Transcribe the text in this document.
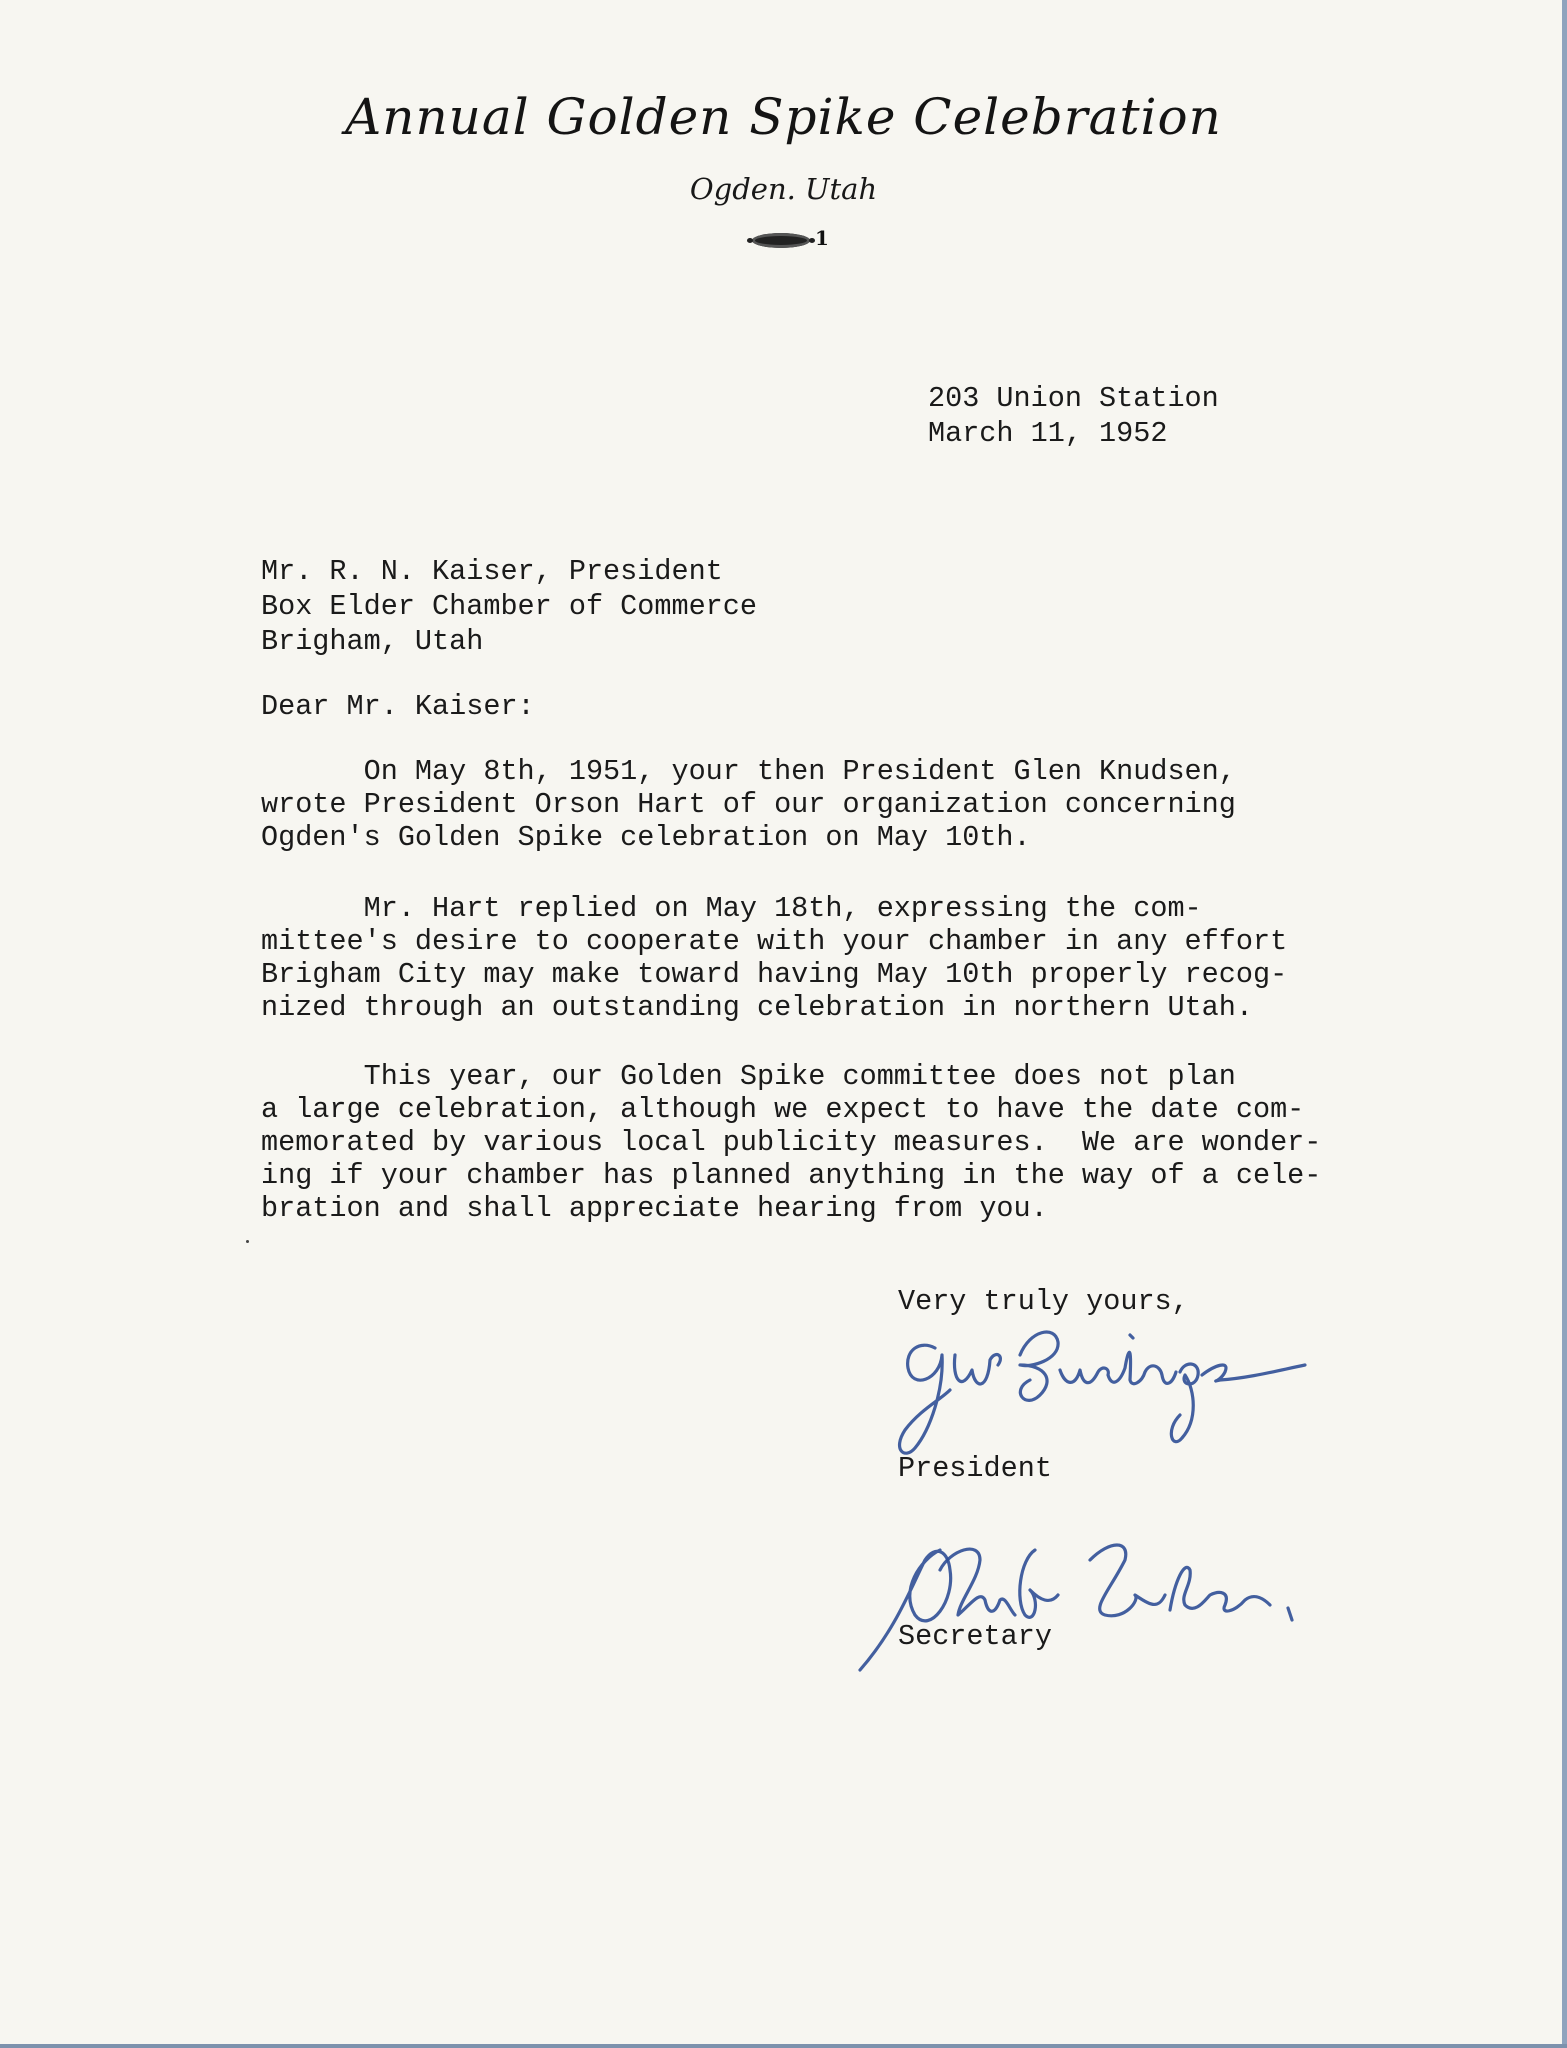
Annual Golden Spike Celebration
Ogden. Utah
1
203 Union Station
March 11, 1952
Mr. R. N. Kaiser, President
Box Elder Chamber of Commerce
Brigham, Utah
Dear Mr. Kaiser:
On May 8th, 1951, your then President Glen Knudsen,
wrote President Orson Hart of our organization concerning
Ogden's Golden Spike celebration on May 10th.
Mr. Hart replied on May 18th, expressing the com-
mittee's desire to cooperate with your chamber in any effort
Brigham City may make toward having May 10th properly recog-
nized through an outstanding celebration in northern Utah.
This year, our Golden Spike committee does not plan
a large celebration, although we expect to have the date com-
memorated by various local publicity measures.  We are wonder-
ing if your chamber has planned anything in the way of a cele-
bration and shall appreciate hearing from you.
Very truly yours,
President
Secretary
